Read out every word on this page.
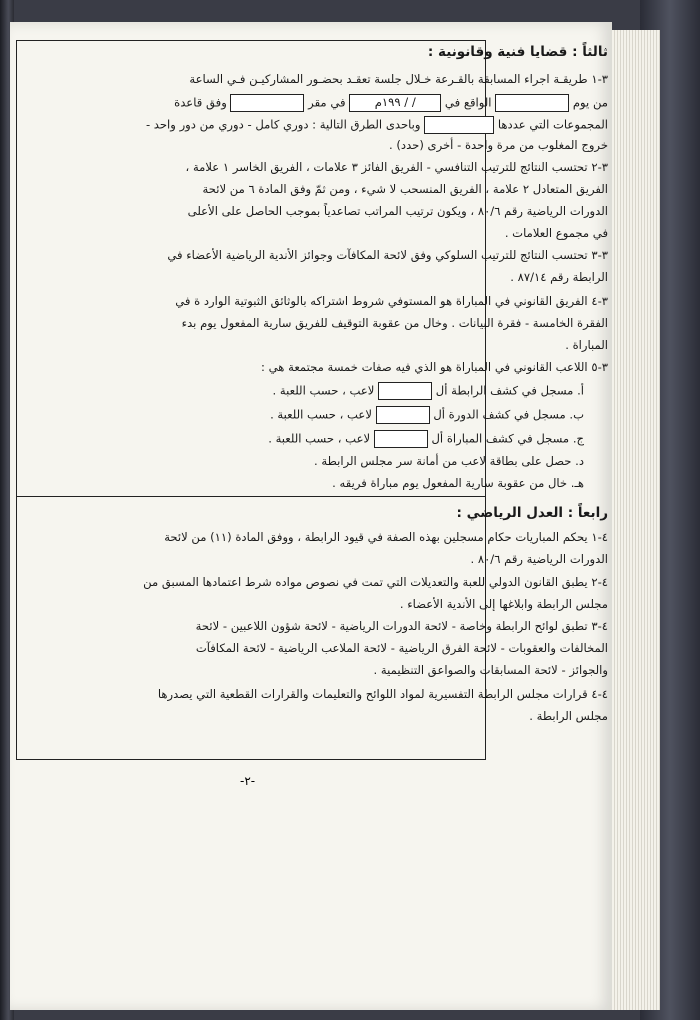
ثالثاً : قضايا فنية وقانونية :
٣-١ طريقـة اجراء المسابقة بالقـرعة خـلال جلسة تعقـد بحضـور المشاركيـن فـي الساعة
من يوم  الواقع في / / ١٩٩م في مقر  وفق قاعدة
المجموعات التي عددها  وباحدى الطرق التالية : دوري كامل - دوري من دور واحد -
خروج المغلوب من مرة واحدة - أخرى (حدد) .
٣-٢ تحتسب النتائج للترتيب التنافسي - الفريق الفائز ٣ علامات ، الفريق الخاسر ١ علامة ،
الفريق المتعادل ٢ علامة ، الفريق المنسحب لا شيء ، ومن ثمّ وفق المادة ٦ من لائحة
الدورات الرياضية رقم ٨٠/٦ ، ويكون ترتيب المراتب تصاعدياً بموجب الحاصل على الأعلى
في مجموع العلامات .
٣-٣ تحتسب النتائج للترتيب السلوكي وفق لائحة المكافآت وجوائز الأندية الرياضية الأعضاء في
الرابطة رقم ٨٧/١٤ .
٣-٤ الفريق القانوني في المباراة هو المستوفي شروط اشتراكه بالوثائق الثبوتية الوارد ة في
الفقرة الخامسة - فقرة البيانات . وخال من عقوبة التوقيف للفريق سارية المفعول يوم بدء
المباراة .
٣-٥ اللاعب القانوني في المباراة هو الذي فيه صفات خمسة مجتمعة هي :
أ. مسجل في كشف الرابطة أل  لاعب ، حسب اللعبة .
ب. مسجل في كشف الدورة أل  لاعب ، حسب اللعبة .
ج. مسجل في كشف المباراة أل  لاعب ، حسب اللعبة .
د. حصل على بطاقة لاعب من أمانة سر مجلس الرابطة .
هـ. خال من عقوبة سارية المفعول يوم مباراة فريقه .
رابعاً : العدل الرياضي :
٤-١ يحكم المباريات حكام مسجلين بهذه الصفة في قيود الرابطة ، ووفق المادة (١١) من لائحة
الدورات الرياضية رقم ٨٠/٦ .
٤-٢ يطبق القانون الدولي للعبة والتعديلات التي تمت في نصوص مواده شرط اعتمادها المسبق من
مجلس الرابطة وابلاغها إلى الأندية الأعضاء .
٤-٣ تطبق لوائح الرابطة وخاصة - لائحة الدورات الرياضية - لائحة شؤون اللاعبين - لائحة
المخالفات والعقوبات - لائحة الفرق الرياضية - لائحة الملاعب الرياضية - لائحة المكافآت
والجوائز - لائحة المسابقات والصواعق التنظيمية .
٤-٤ قرارات مجلس الرابطة التفسيرية لمواد اللوائح والتعليمات والقرارات القطعية التي يصدرها
مجلس الرابطة .
-٢-
